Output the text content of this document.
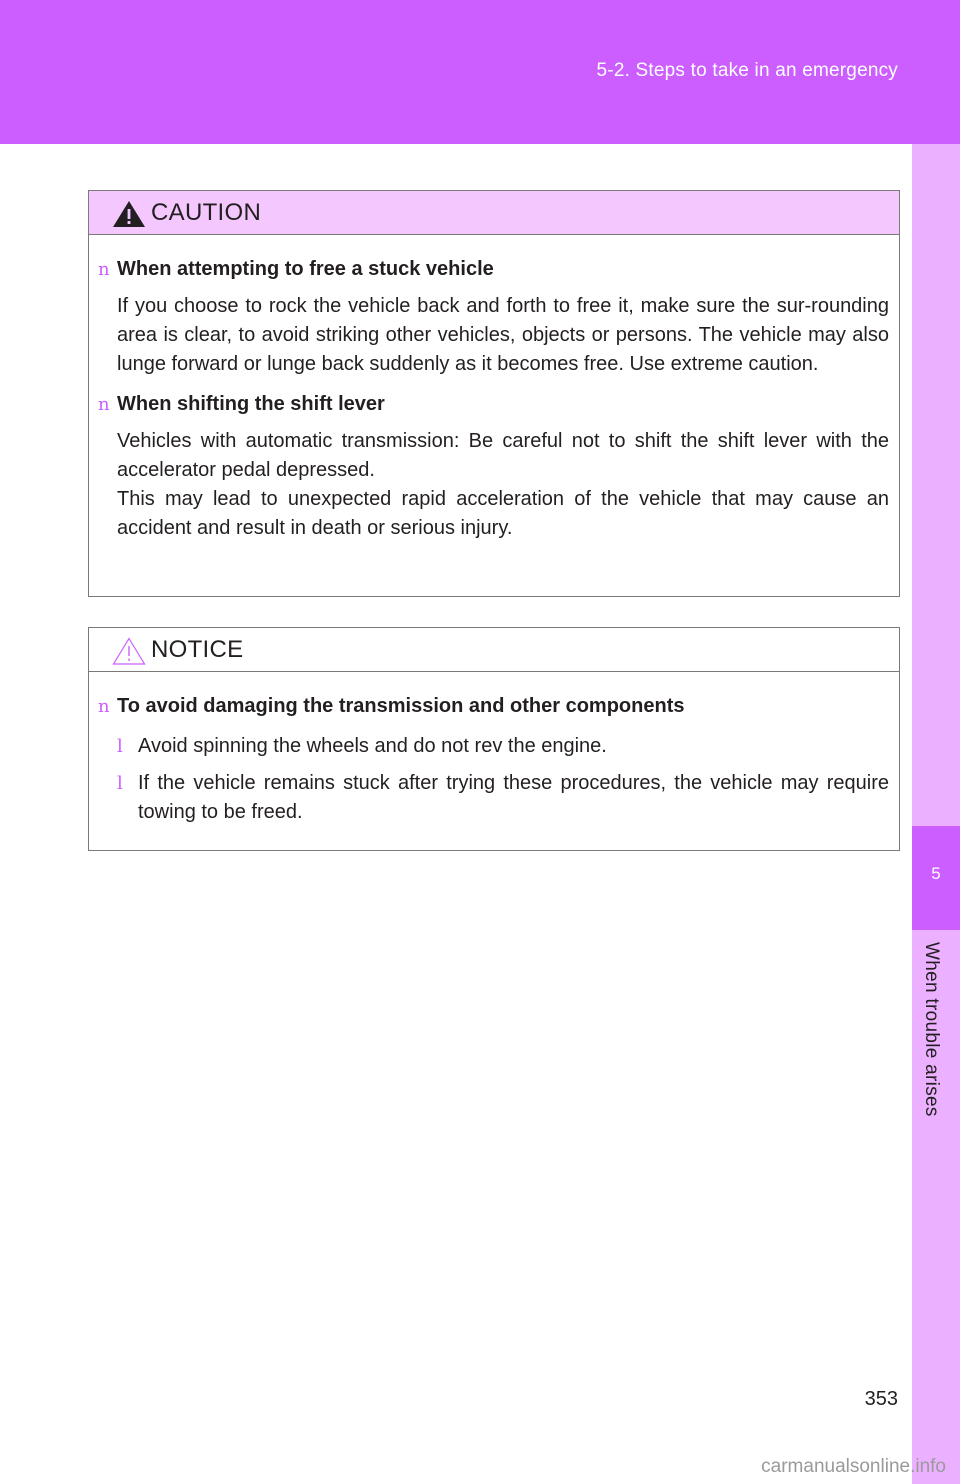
5-2. Steps to take in an emergency
5
When trouble arises
CAUTION
n When attempting to free a stuck vehicle
If you choose to rock the vehicle back and forth to free it, make sure the sur-rounding area is clear, to avoid striking other vehicles, objects or persons. The vehicle may also lunge forward or lunge back suddenly as it becomes free. Use extreme caution.
n When shifting the shift lever
Vehicles with automatic transmission: Be careful not to shift the shift lever with the accelerator pedal depressed.
This may lead to unexpected rapid acceleration of the vehicle that may cause an accident and result in death or serious injury.
NOTICE
n To avoid damaging the transmission and other components
l Avoid spinning the wheels and do not rev the engine.
l If the vehicle remains stuck after trying these procedures, the vehicle may require towing to be freed.
353
carmanualsonline.info
